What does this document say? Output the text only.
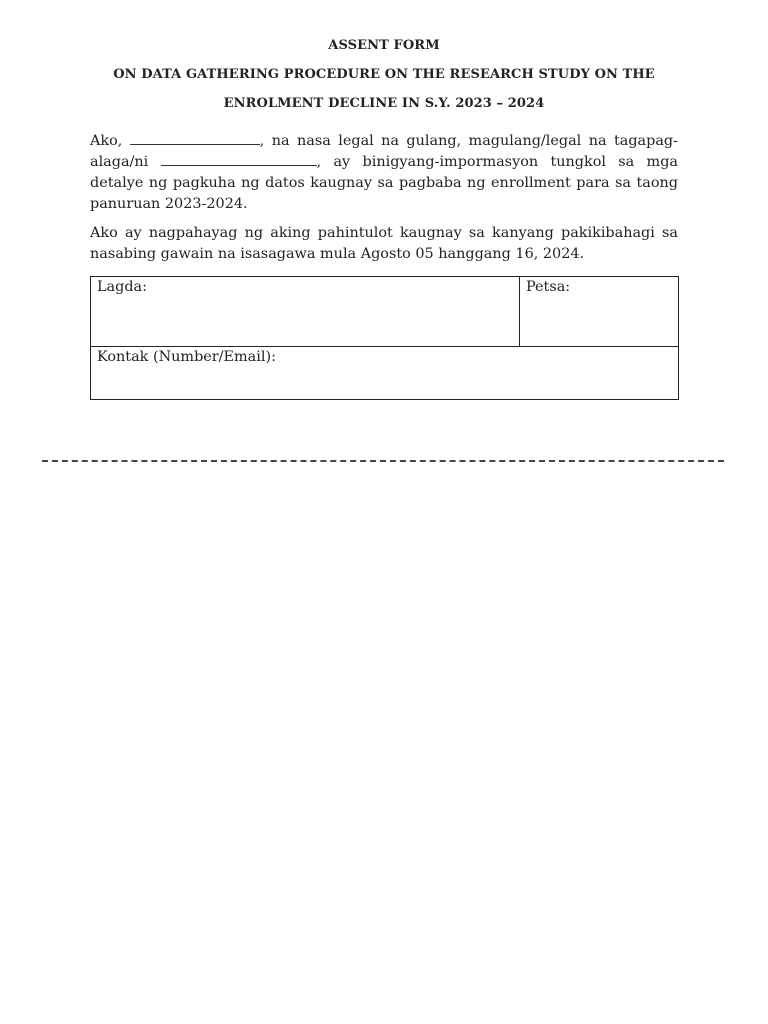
ASSENT FORM
ON DATA GATHERING PROCEDURE ON THE RESEARCH STUDY ON THE
ENROLMENT DECLINE IN S.Y. 2023 – 2024

Ako,	, na nasa legal na gulang, magulang/legal na tagapag-alaga/ni	, ay binigyang-impormasyon tungkol sa mga detalye ng pagkuha ng datos kaugnay sa pagbaba ng enrollment para sa taong panuruan 2023-2024.

Ako ay nagpahayag ng aking pahintulot kaugnay sa kanyang pakikibahagi sa nasabing gawain na isasagawa mula Agosto 05 hanggang 16, 2024.

Lagda:	Petsa:
Kontak (Number/Email):
